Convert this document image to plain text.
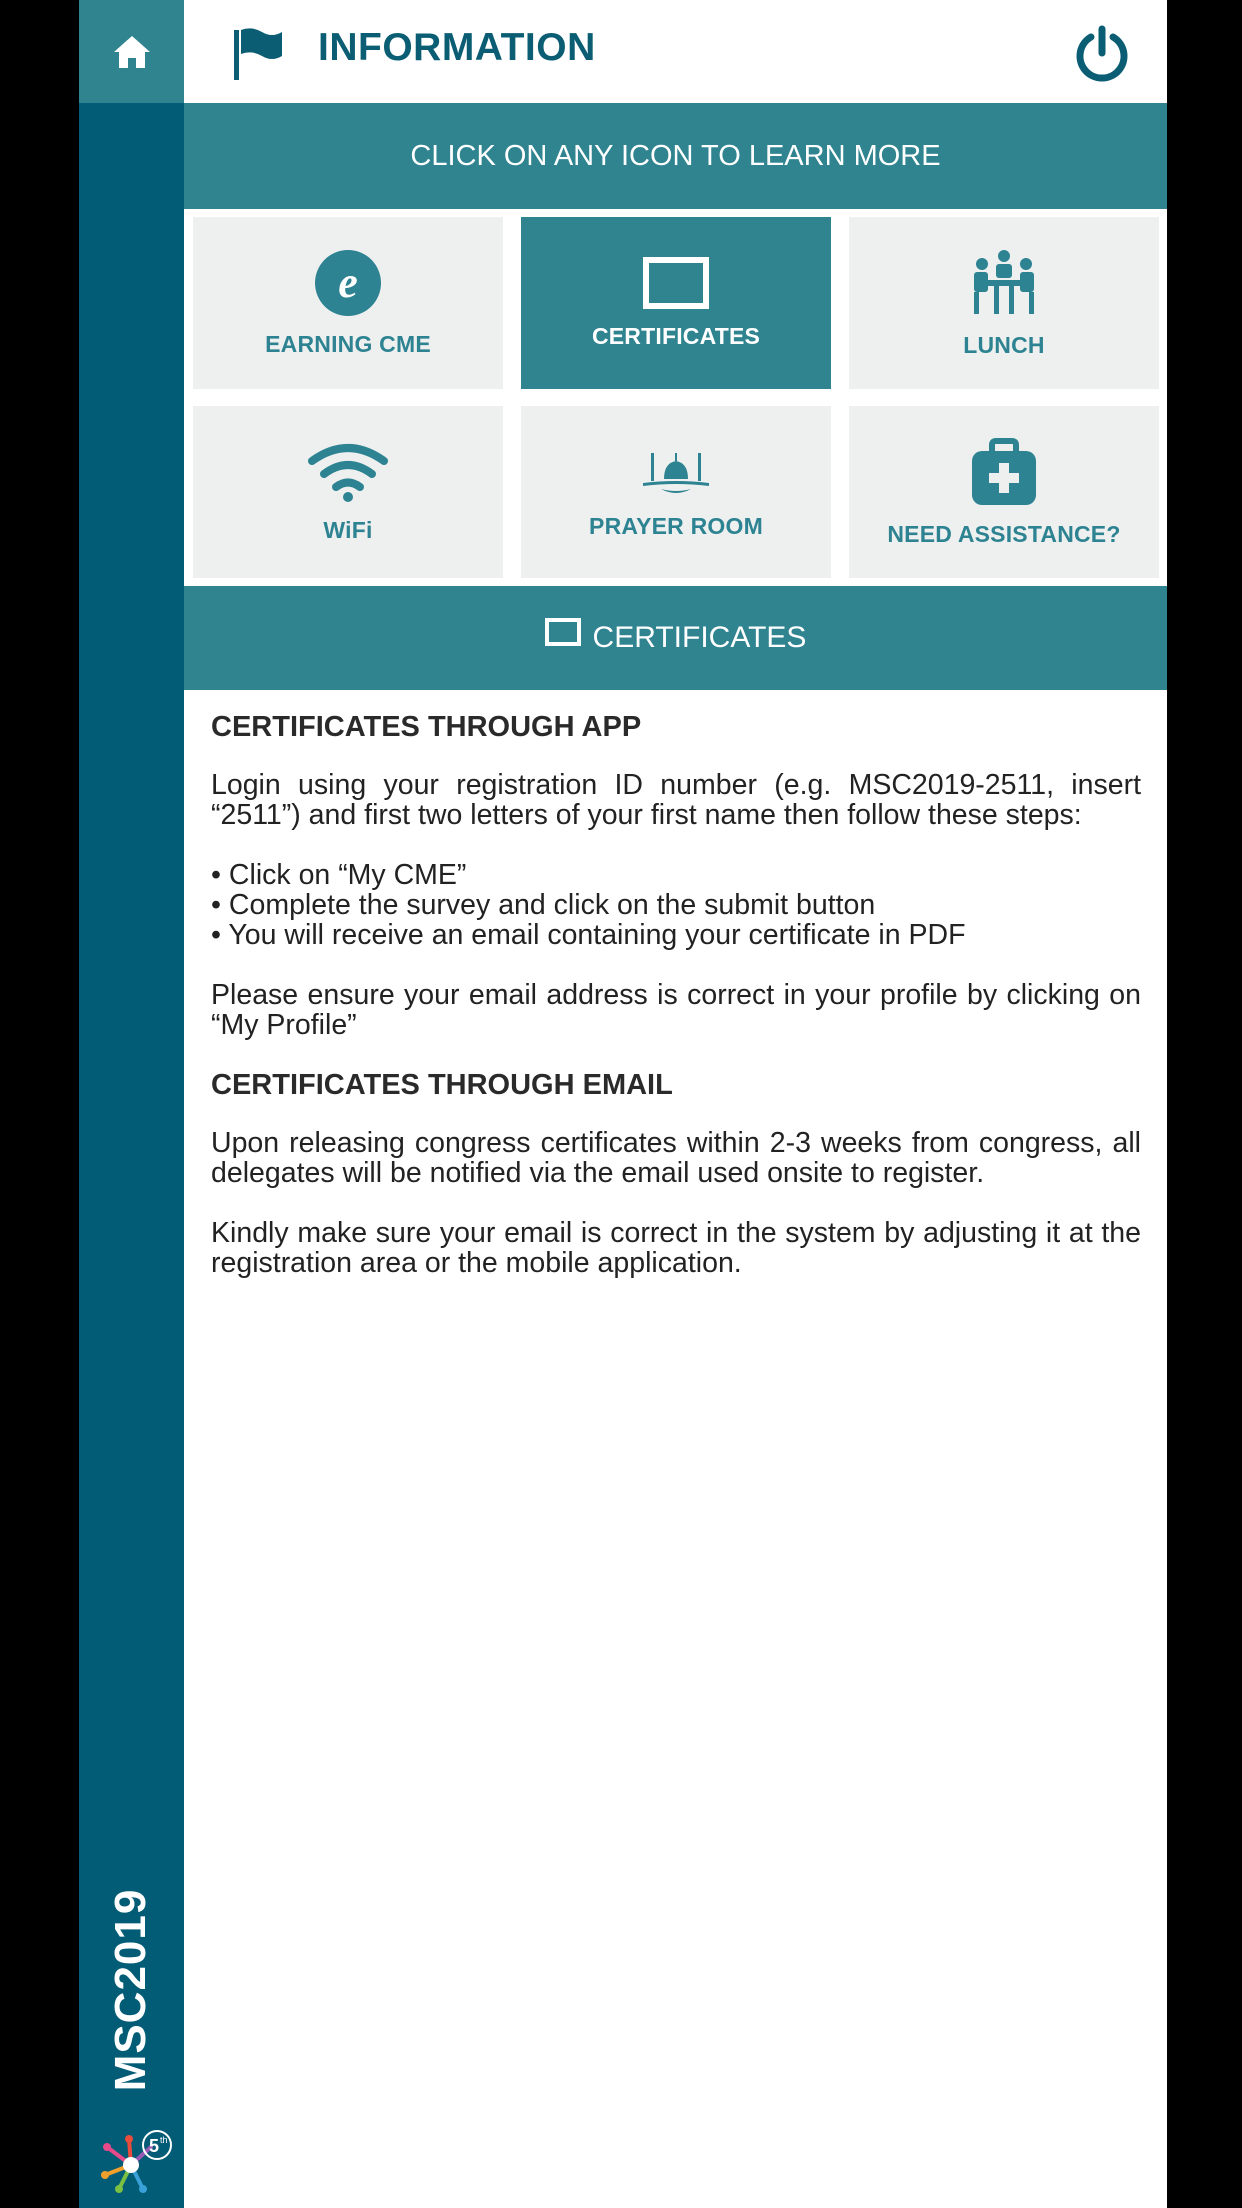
MSC2019
5 th
INFORMATION
CLICK ON ANY ICON TO LEARN MORE
e
EARNING CME	CERTIFICATES	LUNCH
WiFi	PRAYER ROOM	NEED ASSISTANCE?
CERTIFICATES
CERTIFICATES THROUGH APP

Login using your registration ID number (e.g. MSC2019-2511, insert “2511”) and first two letters of your first name then follow these steps:

• Click on “My CME”
• Complete the survey and click on the submit button
• You will receive an email containing your certificate in PDF

Please ensure your email address is correct in your profile by clicking on “My Profile”

CERTIFICATES THROUGH EMAIL

Upon releasing congress certificates within 2-3 weeks from congress, all delegates will be notified via the email used onsite to register.

Kindly make sure your email is correct in the system by adjusting it at the registration area or the mobile application.
